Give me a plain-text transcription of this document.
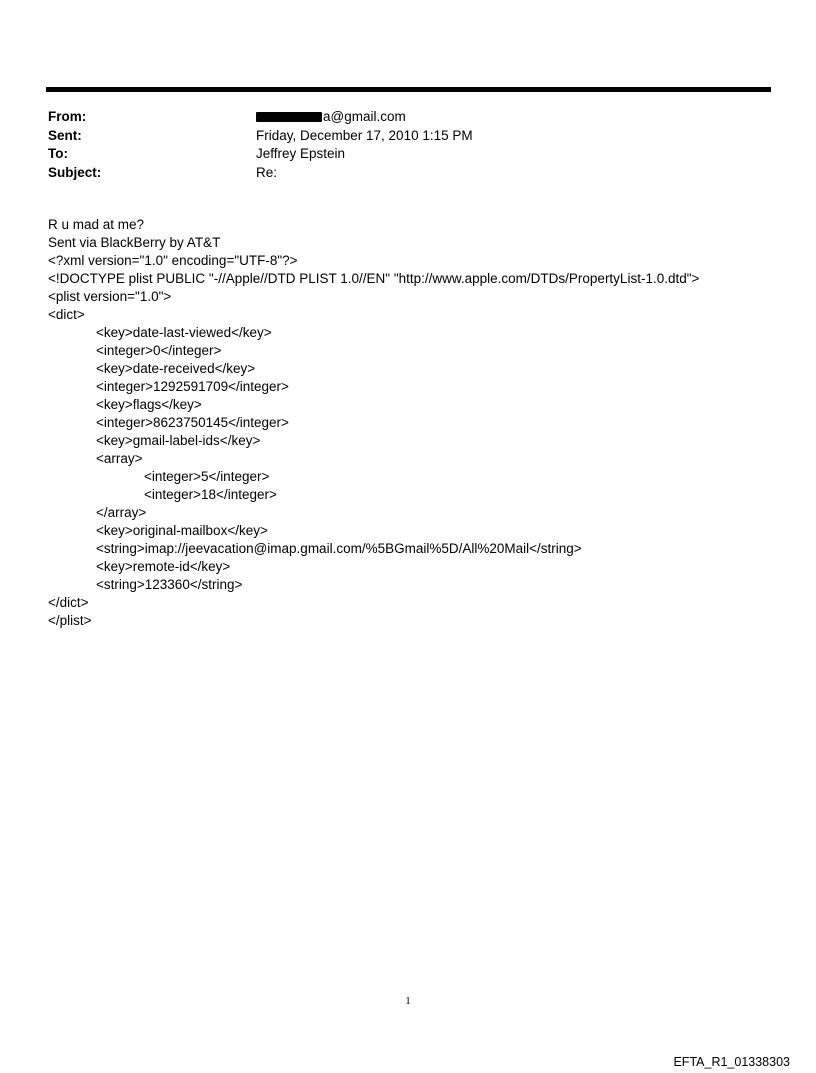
From:	a@gmail.com
Sent:	Friday, December 17, 2010 1:15 PM
To:	Jeffrey Epstein
Subject:	Re:
R u mad at me?
Sent via BlackBerry by AT&T
<?xml version="1.0" encoding="UTF-8"?>
<!DOCTYPE plist PUBLIC "-//Apple//DTD PLIST 1.0//EN" "http://www.apple.com/DTDs/PropertyList-1.0.dtd">
<plist version="1.0">
<dict>
<key>date-last-viewed</key>
<integer>0</integer>
<key>date-received</key>
<integer>1292591709</integer>
<key>flags</key>
<integer>8623750145</integer>
<key>gmail-label-ids</key>
<array>
<integer>5</integer>
<integer>18</integer>
</array>
<key>original-mailbox</key>
<string>imap://jeevacation@imap.gmail.com/%5BGmail%5D/All%20Mail</string>
<key>remote-id</key>
<string>123360</string>
</dict>
</plist>
1
EFTA_R1_01338303
